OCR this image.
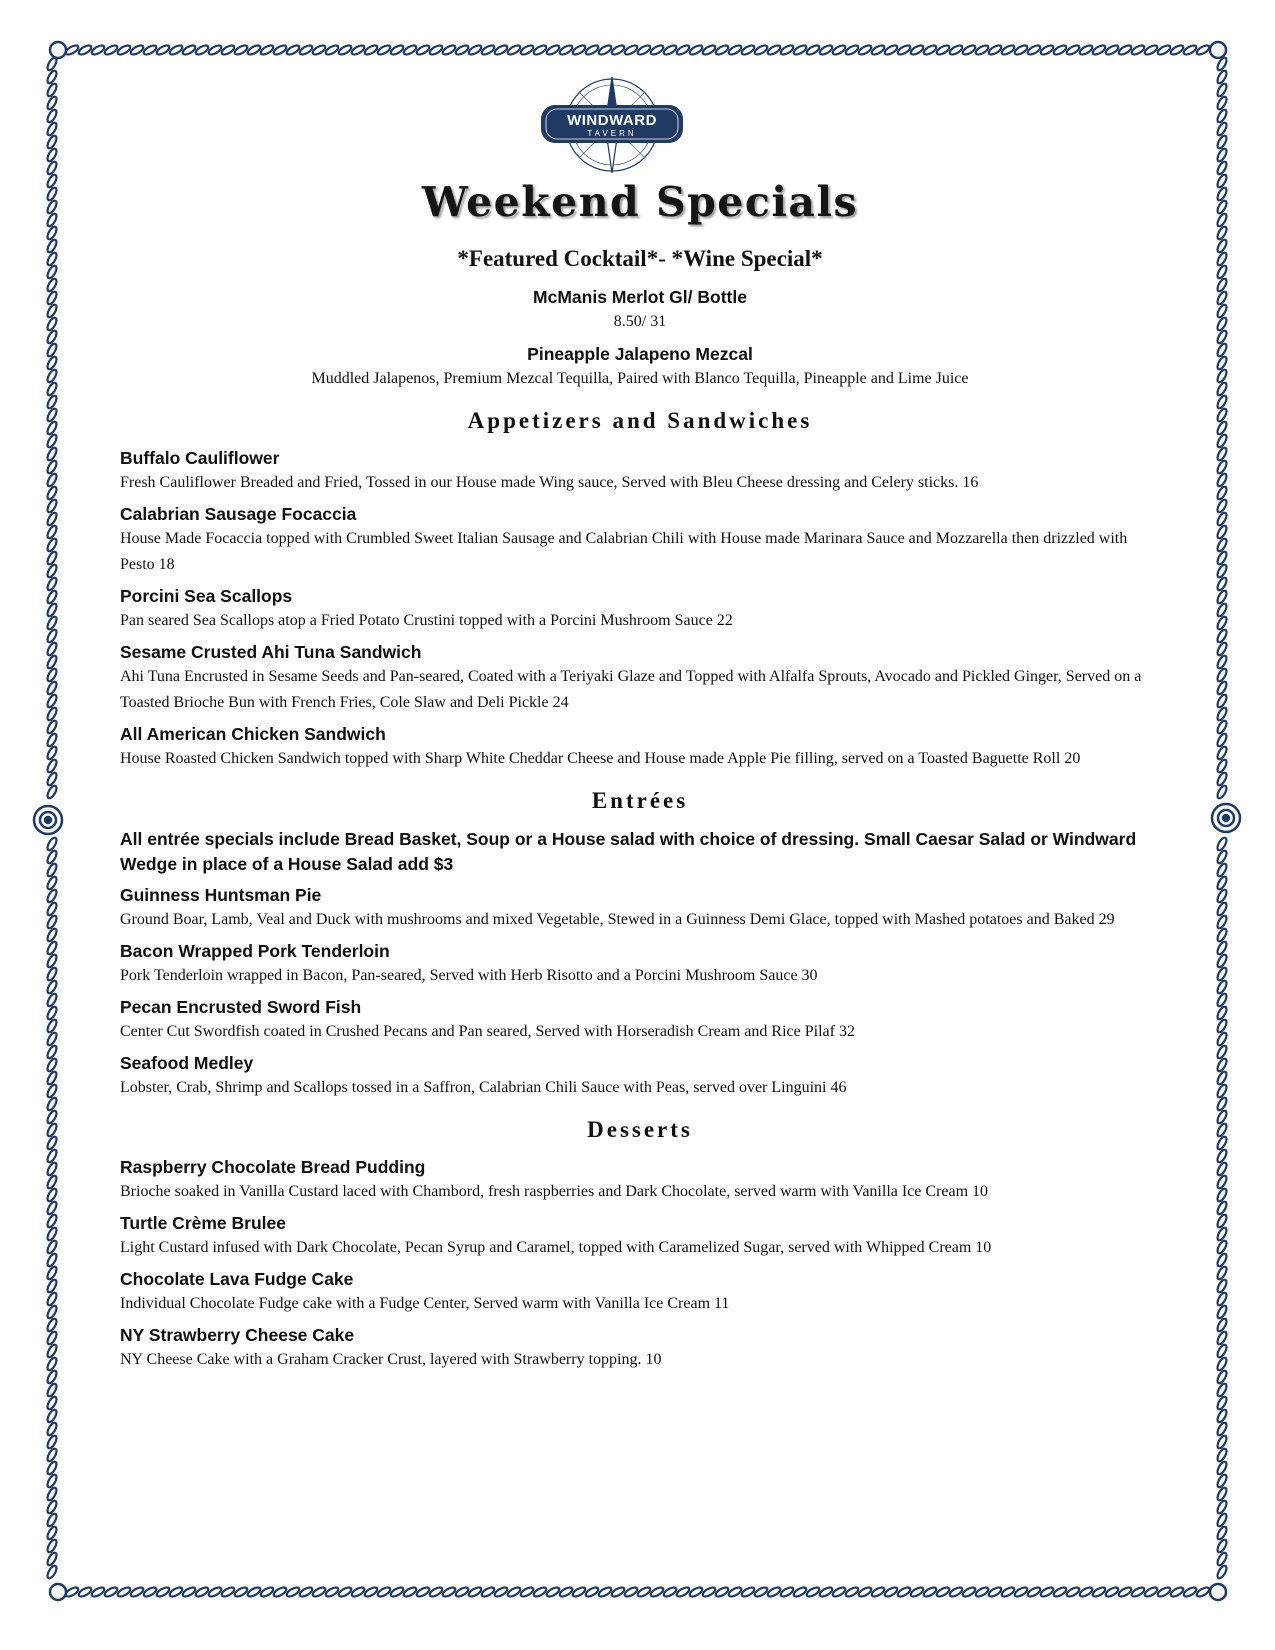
WINDWARD
TAVERN
Weekend Specials

*Featured Cocktail*- *Wine Special*

McManis Merlot Gl/ Bottle

8.50/ 31

Pineapple Jalapeno Mezcal

Muddled Jalapenos, Premium Mezcal Tequilla, Paired with Blanco Tequilla, Pineapple and Lime Juice

Appetizers and Sandwiches

Buffalo Cauliflower

Fresh Cauliflower Breaded and Fried, Tossed in our House made Wing sauce, Served with Bleu Cheese dressing and Celery sticks. 16

Calabrian Sausage Focaccia

House Made Focaccia topped with Crumbled Sweet Italian Sausage and Calabrian Chili with House made Marinara Sauce and Mozzarella then drizzled with Pesto 18

Porcini Sea Scallops

Pan seared Sea Scallops atop a Fried Potato Crustini topped with a Porcini Mushroom Sauce 22

Sesame Crusted Ahi Tuna Sandwich

Ahi Tuna Encrusted in Sesame Seeds and Pan-seared, Coated with a Teriyaki Glaze and Topped with Alfalfa Sprouts, Avocado and Pickled Ginger, Served on a Toasted Brioche Bun with French Fries, Cole Slaw and Deli Pickle 24

All American Chicken Sandwich

House Roasted Chicken Sandwich topped with Sharp White Cheddar Cheese and House made Apple Pie filling, served on a Toasted Baguette Roll 20

Entrées

All entrée specials include Bread Basket, Soup or a House salad with choice of dressing. Small Caesar Salad or Windward Wedge in place of a House Salad add $3

Guinness Huntsman Pie

Ground Boar, Lamb, Veal and Duck with mushrooms and mixed Vegetable, Stewed in a Guinness Demi Glace, topped with Mashed potatoes and Baked 29

Bacon Wrapped Pork Tenderloin

Pork Tenderloin wrapped in Bacon, Pan-seared, Served with Herb Risotto and a Porcini Mushroom Sauce 30

Pecan Encrusted Sword Fish

Center Cut Swordfish coated in Crushed Pecans and Pan seared, Served with Horseradish Cream and Rice Pilaf 32

Seafood Medley

Lobster, Crab, Shrimp and Scallops tossed in a Saffron, Calabrian Chili Sauce with Peas, served over Linguini 46

Desserts

Raspberry Chocolate Bread Pudding

Brioche soaked in Vanilla Custard laced with Chambord, fresh raspberries and Dark Chocolate, served warm with Vanilla Ice Cream 10

Turtle Crème Brulee

Light Custard infused with Dark Chocolate, Pecan Syrup and Caramel, topped with Caramelized Sugar, served with Whipped Cream 10

Chocolate Lava Fudge Cake

Individual Chocolate Fudge cake with a Fudge Center, Served warm with Vanilla Ice Cream 11

NY Strawberry Cheese Cake

NY Cheese Cake with a Graham Cracker Crust, layered with Strawberry topping. 10
